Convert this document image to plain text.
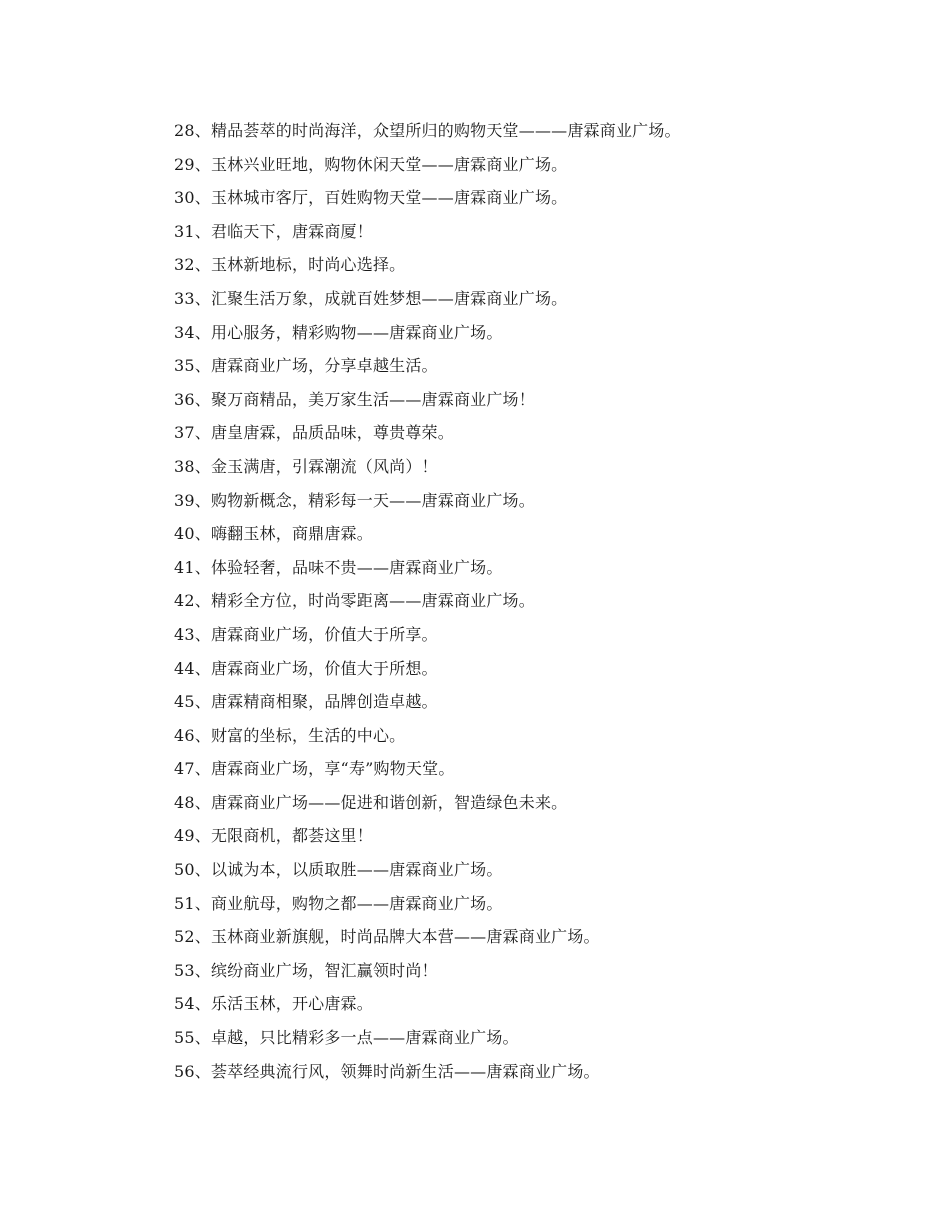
28、精品荟萃的时尚海洋，众望所归的购物天堂———唐霖商业广场。
29、玉林兴业旺地，购物休闲天堂——唐霖商业广场。
30、玉林城市客厅，百姓购物天堂——唐霖商业广场。
31、君临天下，唐霖商厦！
32、玉林新地标，时尚心选择。
33、汇聚生活万象，成就百姓梦想——唐霖商业广场。
34、用心服务，精彩购物——唐霖商业广场。
35、唐霖商业广场，分享卓越生活。
36、聚万商精品，美万家生活——唐霖商业广场！
37、唐皇唐霖，品质品味，尊贵尊荣。
38、金玉满唐，引霖潮流（风尚）！
39、购物新概念，精彩每一天——唐霖商业广场。
40、嗨翻玉林，商鼎唐霖。
41、体验轻奢，品味不贵——唐霖商业广场。
42、精彩全方位，时尚零距离——唐霖商业广场。
43、唐霖商业广场，价值大于所享。
44、唐霖商业广场，价值大于所想。
45、唐霖精商相聚，品牌创造卓越。
46、财富的坐标，生活的中心。
47、唐霖商业广场，享“寿”购物天堂。
48、唐霖商业广场——促进和谐创新，智造绿色未来。
49、无限商机，都荟这里！
50、以诚为本，以质取胜——唐霖商业广场。
51、商业航母，购物之都——唐霖商业广场。
52、玉林商业新旗舰，时尚品牌大本营——唐霖商业广场。
53、缤纷商业广场，智汇赢领时尚！
54、乐活玉林，开心唐霖。
55、卓越，只比精彩多一点——唐霖商业广场。
56、荟萃经典流行风，领舞时尚新生活——唐霖商业广场。
